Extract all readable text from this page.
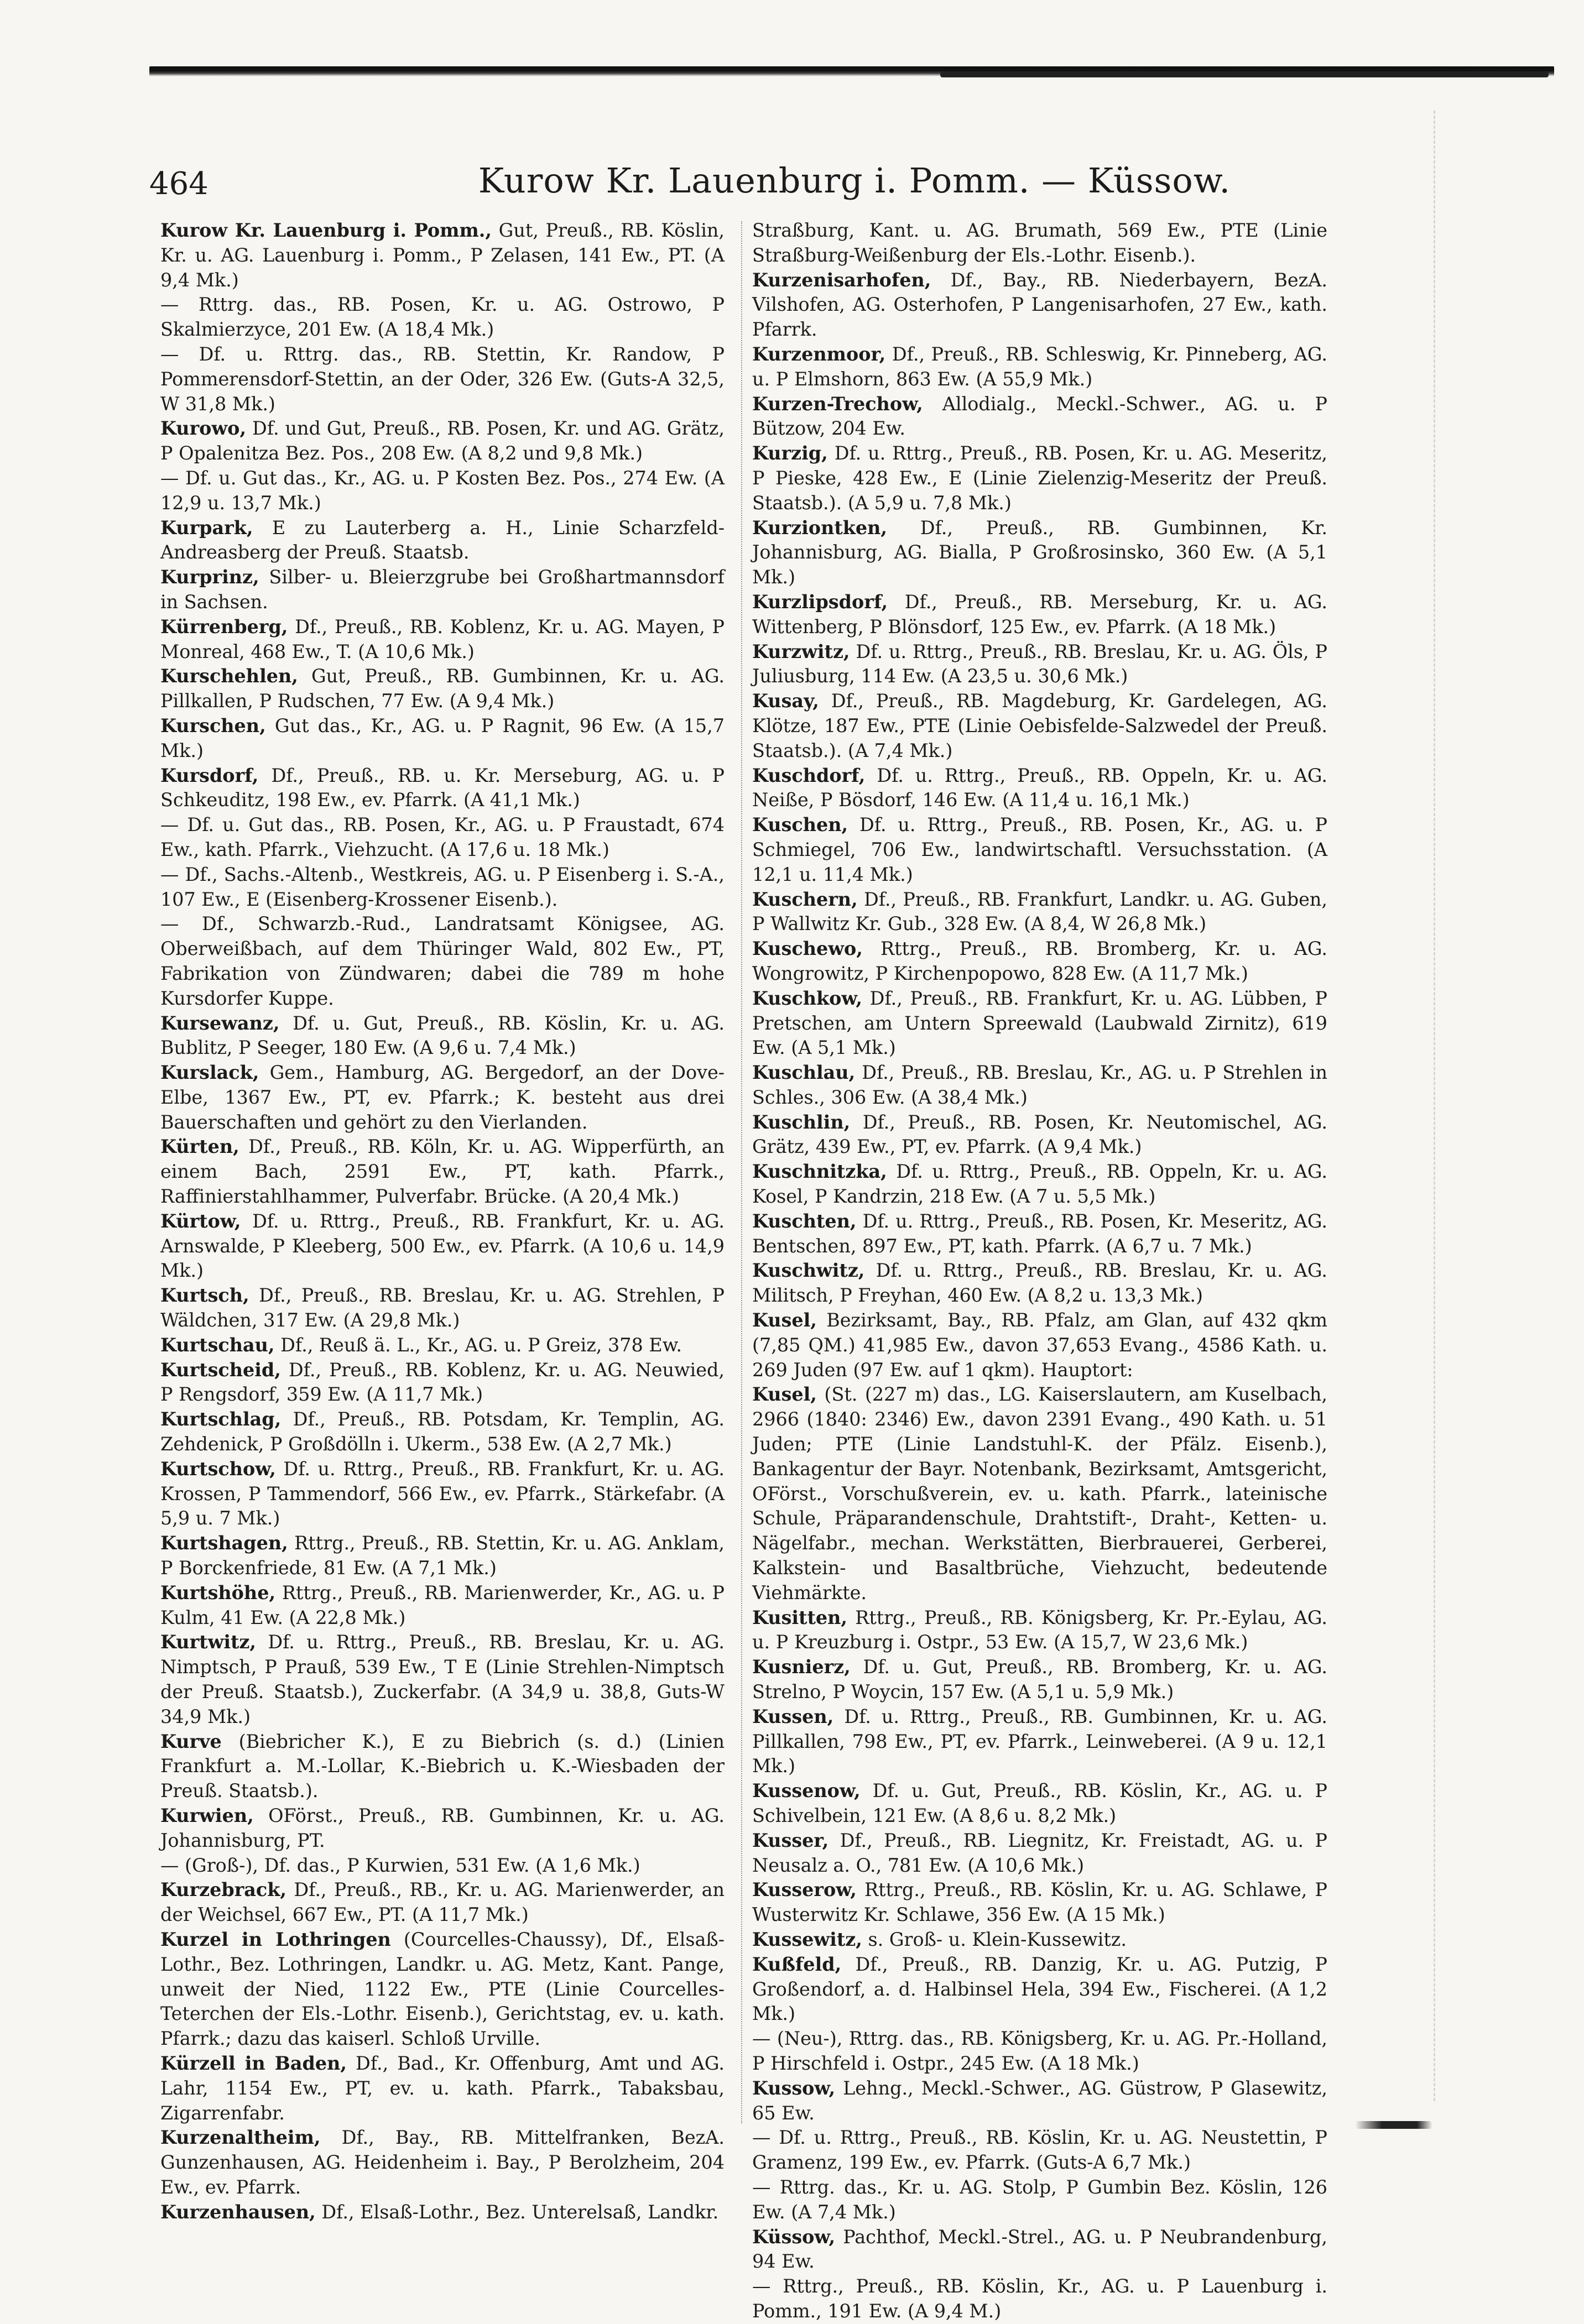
464	Kurow Kr. Lauenburg i. Pomm. — Küssow.

Kurow Kr. Lauenburg i. Pomm., Gut, Preuß., RB. Köslin, Kr. u. AG. Lauenburg i. Pomm., P Zelasen, 141 Ew., PT. (A 9,4 Mk.)

— Rttrg. das., RB. Posen, Kr. u. AG. Ostrowo, P Skalmierzyce, 201 Ew. (A 18,4 Mk.)

— Df. u. Rttrg. das., RB. Stettin, Kr. Randow, P Pommerensdorf-Stettin, an der Oder, 326 Ew. (Guts-A 32,5, W 31,8 Mk.)

Kurowo, Df. und Gut, Preuß., RB. Posen, Kr. und AG. Grätz, P Opalenitza Bez. Pos., 208 Ew. (A 8,2 und 9,8 Mk.)

— Df. u. Gut das., Kr., AG. u. P Kosten Bez. Pos., 274 Ew. (A 12,9 u. 13,7 Mk.)

Kurpark, E zu Lauterberg a. H., Linie Scharzfeld-Andreasberg der Preuß. Staatsb.

Kurprinz, Silber- u. Bleierzgrube bei Großhartmannsdorf in Sachsen.

Kürrenberg, Df., Preuß., RB. Koblenz, Kr. u. AG. Mayen, P Monreal, 468 Ew., T. (A 10,6 Mk.)

Kurschehlen, Gut, Preuß., RB. Gumbinnen, Kr. u. AG. Pillkallen, P Rudschen, 77 Ew. (A 9,4 Mk.)

Kurschen, Gut das., Kr., AG. u. P Ragnit, 96 Ew. (A 15,7 Mk.)

Kursdorf, Df., Preuß., RB. u. Kr. Merseburg, AG. u. P Schkeuditz, 198 Ew., ev. Pfarrk. (A 41,1 Mk.)

— Df. u. Gut das., RB. Posen, Kr., AG. u. P Fraustadt, 674 Ew., kath. Pfarrk., Viehzucht. (A 17,6 u. 18 Mk.)

— Df., Sachs.-Altenb., Westkreis, AG. u. P Eisenberg i. S.-A., 107 Ew., E (Eisenberg-Krossener Eisenb.).

— Df., Schwarzb.-Rud., Landratsamt Königsee, AG. Oberweißbach, auf dem Thüringer Wald, 802 Ew., PT, Fabrikation von Zündwaren; dabei die 789 m hohe Kursdorfer Kuppe.

Kursewanz, Df. u. Gut, Preuß., RB. Köslin, Kr. u. AG. Bublitz, P Seeger, 180 Ew. (A 9,6 u. 7,4 Mk.)

Kurslack, Gem., Hamburg, AG. Bergedorf, an der Dove-Elbe, 1367 Ew., PT, ev. Pfarrk.; K. besteht aus drei Bauerschaften und gehört zu den Vierlanden.

Kürten, Df., Preuß., RB. Köln, Kr. u. AG. Wipperfürth, an einem Bach, 2591 Ew., PT, kath. Pfarrk., Raffinierstahlhammer, Pulverfabr. Brücke. (A 20,4 Mk.)

Kürtow, Df. u. Rttrg., Preuß., RB. Frankfurt, Kr. u. AG. Arnswalde, P Kleeberg, 500 Ew., ev. Pfarrk. (A 10,6 u. 14,9 Mk.)

Kurtsch, Df., Preuß., RB. Breslau, Kr. u. AG. Strehlen, P Wäldchen, 317 Ew. (A 29,8 Mk.)

Kurtschau, Df., Reuß ä. L., Kr., AG. u. P Greiz, 378 Ew.

Kurtscheid, Df., Preuß., RB. Koblenz, Kr. u. AG. Neuwied, P Rengsdorf, 359 Ew. (A 11,7 Mk.)

Kurtschlag, Df., Preuß., RB. Potsdam, Kr. Templin, AG. Zehdenick, P Großdölln i. Ukerm., 538 Ew. (A 2,7 Mk.)

Kurtschow, Df. u. Rttrg., Preuß., RB. Frankfurt, Kr. u. AG. Krossen, P Tammendorf, 566 Ew., ev. Pfarrk., Stärkefabr. (A 5,9 u. 7 Mk.)

Kurtshagen, Rttrg., Preuß., RB. Stettin, Kr. u. AG. Anklam, P Borckenfriede, 81 Ew. (A 7,1 Mk.)

Kurtshöhe, Rttrg., Preuß., RB. Marienwerder, Kr., AG. u. P Kulm, 41 Ew. (A 22,8 Mk.)

Kurtwitz, Df. u. Rttrg., Preuß., RB. Breslau, Kr. u. AG. Nimptsch, P Prauß, 539 Ew., T E (Linie Strehlen-Nimptsch der Preuß. Staatsb.), Zuckerfabr. (A 34,9 u. 38,8, Guts-W 34,9 Mk.)

Kurve (Biebricher K.), E zu Biebrich (s. d.) (Linien Frankfurt a. M.-Lollar, K.-Biebrich u. K.-Wiesbaden der Preuß. Staatsb.).

Kurwien, OFörst., Preuß., RB. Gumbinnen, Kr. u. AG. Johannisburg, PT.

— (Groß-), Df. das., P Kurwien, 531 Ew. (A 1,6 Mk.)

Kurzebrack, Df., Preuß., RB., Kr. u. AG. Marienwerder, an der Weichsel, 667 Ew., PT. (A 11,7 Mk.)

Kurzel in Lothringen (Courcelles-Chaussy), Df., Elsaß-Lothr., Bez. Lothringen, Landkr. u. AG. Metz, Kant. Pange, unweit der Nied, 1122 Ew., PTE (Linie Courcelles-Teterchen der Els.-Lothr. Eisenb.), Gerichtstag, ev. u. kath. Pfarrk.; dazu das kaiserl. Schloß Urville.

Kürzell in Baden, Df., Bad., Kr. Offenburg, Amt und AG. Lahr, 1154 Ew., PT, ev. u. kath. Pfarrk., Tabaksbau, Zigarrenfabr.

Kurzenaltheim, Df., Bay., RB. Mittelfranken, BezA. Gunzenhausen, AG. Heidenheim i. Bay., P Berolzheim, 204 Ew., ev. Pfarrk.

Kurzenhausen, Df., Elsaß-Lothr., Bez. Unterelsaß, Landkr.

Straßburg, Kant. u. AG. Brumath, 569 Ew., PTE (Linie Straßburg-Weißenburg der Els.-Lothr. Eisenb.).

Kurzenisarhofen, Df., Bay., RB. Niederbayern, BezA. Vilshofen, AG. Osterhofen, P Langenisarhofen, 27 Ew., kath. Pfarrk.

Kurzenmoor, Df., Preuß., RB. Schleswig, Kr. Pinneberg, AG. u. P Elmshorn, 863 Ew. (A 55,9 Mk.)

Kurzen-Trechow, Allodialg., Meckl.-Schwer., AG. u. P Bützow, 204 Ew.

Kurzig, Df. u. Rttrg., Preuß., RB. Posen, Kr. u. AG. Meseritz, P Pieske, 428 Ew., E (Linie Zielenzig-Meseritz der Preuß. Staatsb.). (A 5,9 u. 7,8 Mk.)

Kurziontken, Df., Preuß., RB. Gumbinnen, Kr. Johannisburg, AG. Bialla, P Großrosinsko, 360 Ew. (A 5,1 Mk.)

Kurzlipsdorf, Df., Preuß., RB. Merseburg, Kr. u. AG. Wittenberg, P Blönsdorf, 125 Ew., ev. Pfarrk. (A 18 Mk.)

Kurzwitz, Df. u. Rttrg., Preuß., RB. Breslau, Kr. u. AG. Öls, P Juliusburg, 114 Ew. (A 23,5 u. 30,6 Mk.)

Kusay, Df., Preuß., RB. Magdeburg, Kr. Gardelegen, AG. Klötze, 187 Ew., PTE (Linie Oebisfelde-Salzwedel der Preuß. Staatsb.). (A 7,4 Mk.)

Kuschdorf, Df. u. Rttrg., Preuß., RB. Oppeln, Kr. u. AG. Neiße, P Bösdorf, 146 Ew. (A 11,4 u. 16,1 Mk.)

Kuschen, Df. u. Rttrg., Preuß., RB. Posen, Kr., AG. u. P Schmiegel, 706 Ew., landwirtschaftl. Versuchsstation. (A 12,1 u. 11,4 Mk.)

Kuschern, Df., Preuß., RB. Frankfurt, Landkr. u. AG. Guben, P Wallwitz Kr. Gub., 328 Ew. (A 8,4, W 26,8 Mk.)

Kuschewo, Rttrg., Preuß., RB. Bromberg, Kr. u. AG. Wongrowitz, P Kirchenpopowo, 828 Ew. (A 11,7 Mk.)

Kuschkow, Df., Preuß., RB. Frankfurt, Kr. u. AG. Lübben, P Pretschen, am Untern Spreewald (Laubwald Zirnitz), 619 Ew. (A 5,1 Mk.)

Kuschlau, Df., Preuß., RB. Breslau, Kr., AG. u. P Strehlen in Schles., 306 Ew. (A 38,4 Mk.)

Kuschlin, Df., Preuß., RB. Posen, Kr. Neutomischel, AG. Grätz, 439 Ew., PT, ev. Pfarrk. (A 9,4 Mk.)

Kuschnitzka, Df. u. Rttrg., Preuß., RB. Oppeln, Kr. u. AG. Kosel, P Kandrzin, 218 Ew. (A 7 u. 5,5 Mk.)

Kuschten, Df. u. Rttrg., Preuß., RB. Posen, Kr. Meseritz, AG. Bentschen, 897 Ew., PT, kath. Pfarrk. (A 6,7 u. 7 Mk.)

Kuschwitz, Df. u. Rttrg., Preuß., RB. Breslau, Kr. u. AG. Militsch, P Freyhan, 460 Ew. (A 8,2 u. 13,3 Mk.)

Kusel, Bezirksamt, Bay., RB. Pfalz, am Glan, auf 432 qkm (7,85 QM.) 41,985 Ew., davon 37,653 Evang., 4586 Kath. u. 269 Juden (97 Ew. auf 1 qkm). Hauptort:

Kusel, (St. (227 m) das., LG. Kaiserslautern, am Kuselbach, 2966 (1840: 2346) Ew., davon 2391 Evang., 490 Kath. u. 51 Juden; PTE (Linie Landstuhl-K. der Pfälz. Eisenb.), Bankagentur der Bayr. Notenbank, Bezirksamt, Amtsgericht, OFörst., Vorschußverein, ev. u. kath. Pfarrk., lateinische Schule, Präparandenschule, Drahtstift-, Draht-, Ketten- u. Nägelfabr., mechan. Werkstätten, Bierbrauerei, Gerberei, Kalkstein- und Basaltbrüche, Viehzucht, bedeutende Viehmärkte.

Kusitten, Rttrg., Preuß., RB. Königsberg, Kr. Pr.-Eylau, AG. u. P Kreuzburg i. Ostpr., 53 Ew. (A 15,7, W 23,6 Mk.)

Kusnierz, Df. u. Gut, Preuß., RB. Bromberg, Kr. u. AG. Strelno, P Woycin, 157 Ew. (A 5,1 u. 5,9 Mk.)

Kussen, Df. u. Rttrg., Preuß., RB. Gumbinnen, Kr. u. AG. Pillkallen, 798 Ew., PT, ev. Pfarrk., Leinweberei. (A 9 u. 12,1 Mk.)

Kussenow, Df. u. Gut, Preuß., RB. Köslin, Kr., AG. u. P Schivelbein, 121 Ew. (A 8,6 u. 8,2 Mk.)

Kusser, Df., Preuß., RB. Liegnitz, Kr. Freistadt, AG. u. P Neusalz a. O., 781 Ew. (A 10,6 Mk.)

Kusserow, Rttrg., Preuß., RB. Köslin, Kr. u. AG. Schlawe, P Wusterwitz Kr. Schlawe, 356 Ew. (A 15 Mk.)

Kussewitz, s. Groß- u. Klein-Kussewitz.

Kußfeld, Df., Preuß., RB. Danzig, Kr. u. AG. Putzig, P Großendorf, a. d. Halbinsel Hela, 394 Ew., Fischerei. (A 1,2 Mk.)

— (Neu-), Rttrg. das., RB. Königsberg, Kr. u. AG. Pr.-Holland, P Hirschfeld i. Ostpr., 245 Ew. (A 18 Mk.)

Kussow, Lehng., Meckl.-Schwer., AG. Güstrow, P Glasewitz, 65 Ew.

— Df. u. Rttrg., Preuß., RB. Köslin, Kr. u. AG. Neustettin, P Gramenz, 199 Ew., ev. Pfarrk. (Guts-A 6,7 Mk.)

— Rttrg. das., Kr. u. AG. Stolp, P Gumbin Bez. Köslin, 126 Ew. (A 7,4 Mk.)

Küssow, Pachthof, Meckl.-Strel., AG. u. P Neubrandenburg, 94 Ew.

— Rttrg., Preuß., RB. Köslin, Kr., AG. u. P Lauenburg i. Pomm., 191 Ew. (A 9,4 M.)
